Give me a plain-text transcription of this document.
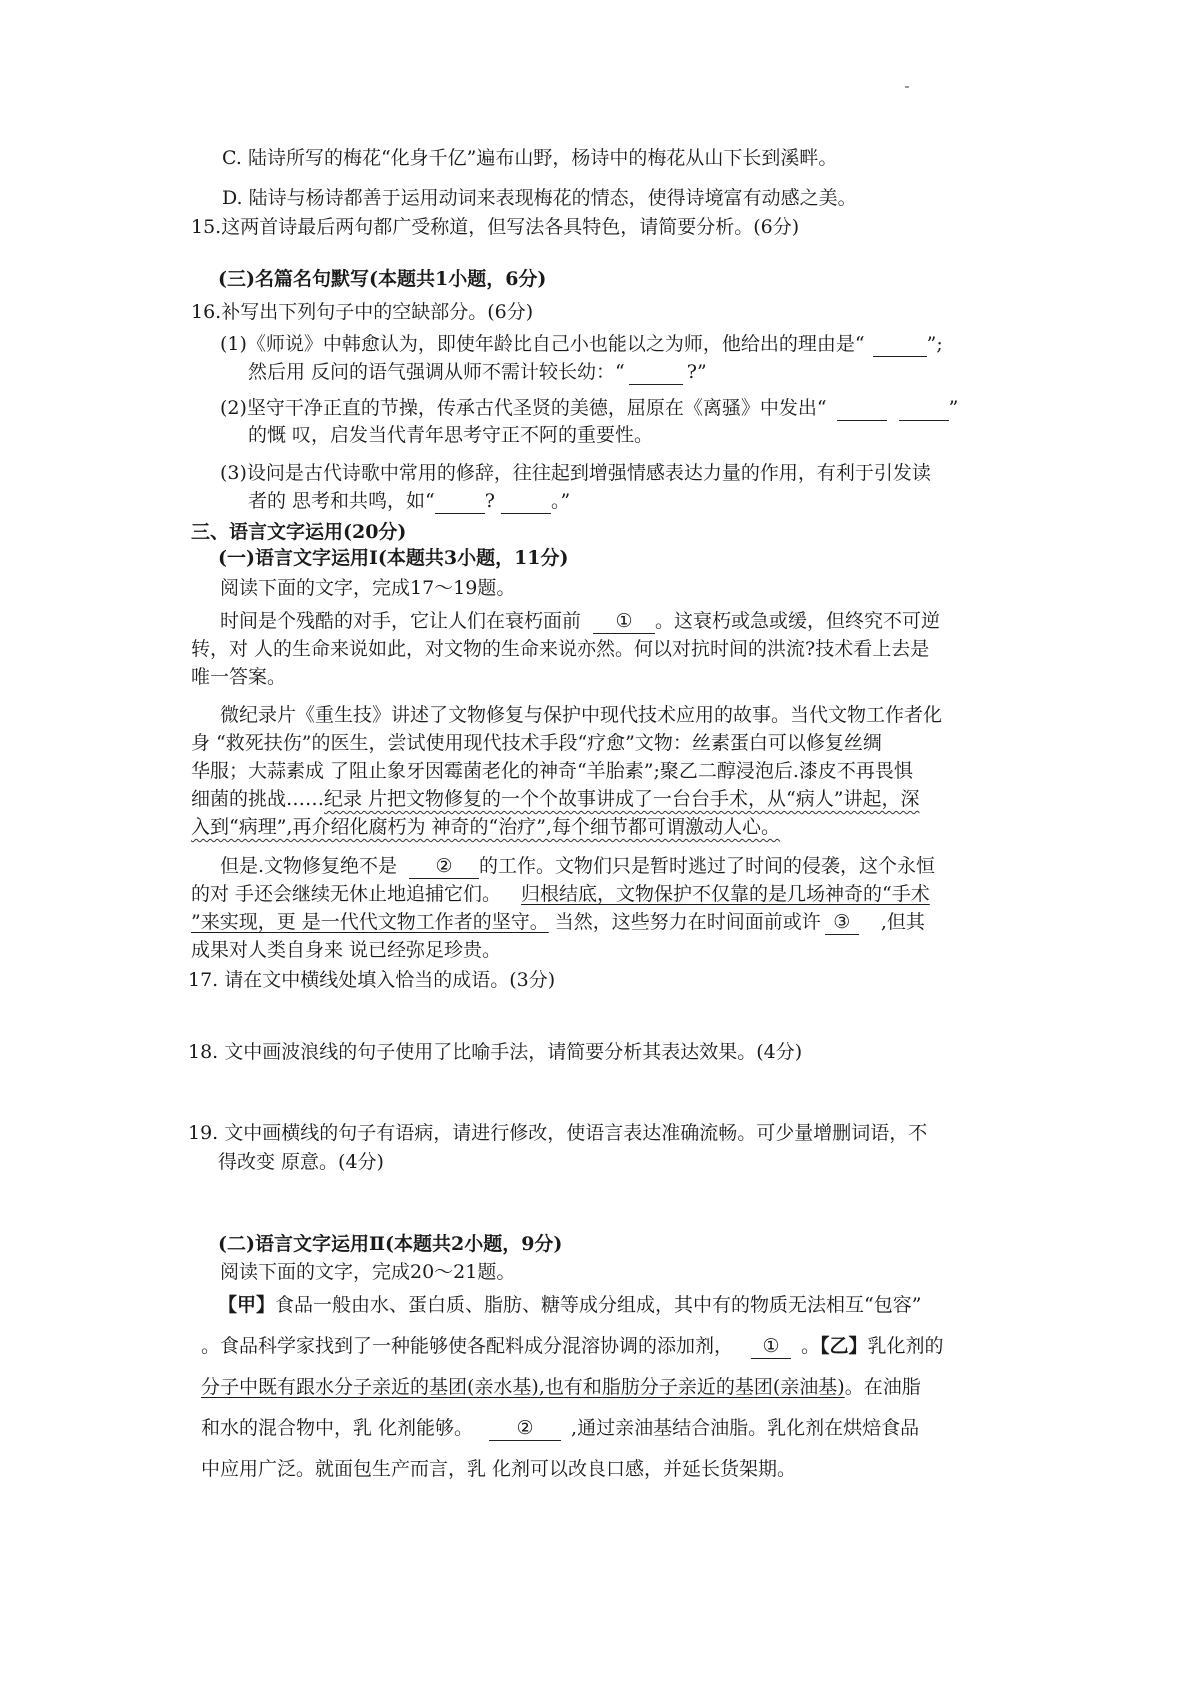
C. 陆诗所写的梅花“化身千亿”遍布山野，杨诗中的梅花从山下长到溪畔。
D. 陆诗与杨诗都善于运用动词来表现梅花的情态，使得诗境富有动感之美。
15.这两首诗最后两句都广受称道，但写法各具特色，请简要分析。(6分)
(三)名篇名句默写(本题共1小题，6分)
16.补写出下列句子中的空缺部分。(6分)
(1)《师说》中韩愈认为，即使年龄比自己小也能以之为师，他给出的理由是“	”;
然后用 反问的语气强调从师不需计较长幼：“	?”
(2)坚守干净正直的节操，传承古代圣贤的美德，屈原在《离骚》中发出“	”
的慨 叹，启发当代青年思考守正不阿的重要性。
(3)设问是古代诗歌中常用的修辞，往往起到增强情感表达力量的作用，有利于引发读
者的 思考和共鸣，如“	?	。”
三、语言文字运用(20分)
(一)语言文字运用Ⅰ(本题共3小题，11分)
阅读下面的文字，完成17～19题。
时间是个残酷的对手，它让人们在衰朽面前 ① 。这衰朽或急或缓，但终究不可逆
转，对 人的生命来说如此，对文物的生命来说亦然。何以对抗时间的洪流?技术看上去是
唯一答案。
微纪录片《重生技》讲述了文物修复与保护中现代技术应用的故事。当代文物工作者化
身 “救死扶伤”的医生，尝试使用现代技术手段“疗愈”文物：丝素蛋白可以修复丝绸
华服；大蒜素成 了阻止象牙因霉菌老化的神奇“羊胎素”;聚乙二醇浸泡后.漆皮不再畏惧
细菌的挑战……纪录 片把文物修复的一个个故事讲成了一台台手术，从“病人”讲起，深
入到“病理”,再介绍化腐朽为 神奇的“治疗”,每个细节都可谓激动人心。
但是.文物修复绝不是 ② 的工作。文物们只是暂时逃过了时间的侵袭，这个永恒
的对 手还会继续无休止地追捕它们。 归根结底，文物保护不仅靠的是几场神奇的“手术
”来实现，更 是一代代文物工作者的坚守。 当然，这些努力在时间面前或许 ③ ,但其
成果对人类自身来 说已经弥足珍贵。
17. 请在文中横线处填入恰当的成语。(3分)
18. 文中画波浪线的句子使用了比喻手法，请简要分析其表达效果。(4分)
19. 文中画横线的句子有语病，请进行修改，使语言表达准确流畅。可少量增删词语，不
得改变 原意。(4分)
(二)语言文字运用Ⅱ(本题共2小题，9分)
阅读下面的文字，完成20～21题。
【甲】食品一般由水、蛋白质、脂肪、糖等成分组成，其中有的物质无法相互“包容”
。食品科学家找到了一种能够使各配料成分混溶协调的添加剂， ① 。【乙】乳化剂的
分子中既有跟水分子亲近的基团(亲水基),也有和脂肪分子亲近的基团(亲油基)。在油脂
和水的混合物中，乳 化剂能够。 ② ,通过亲油基结合油脂。乳化剂在烘焙食品
中应用广泛。就面包生产而言，乳 化剂可以改良口感，并延长货架期。
